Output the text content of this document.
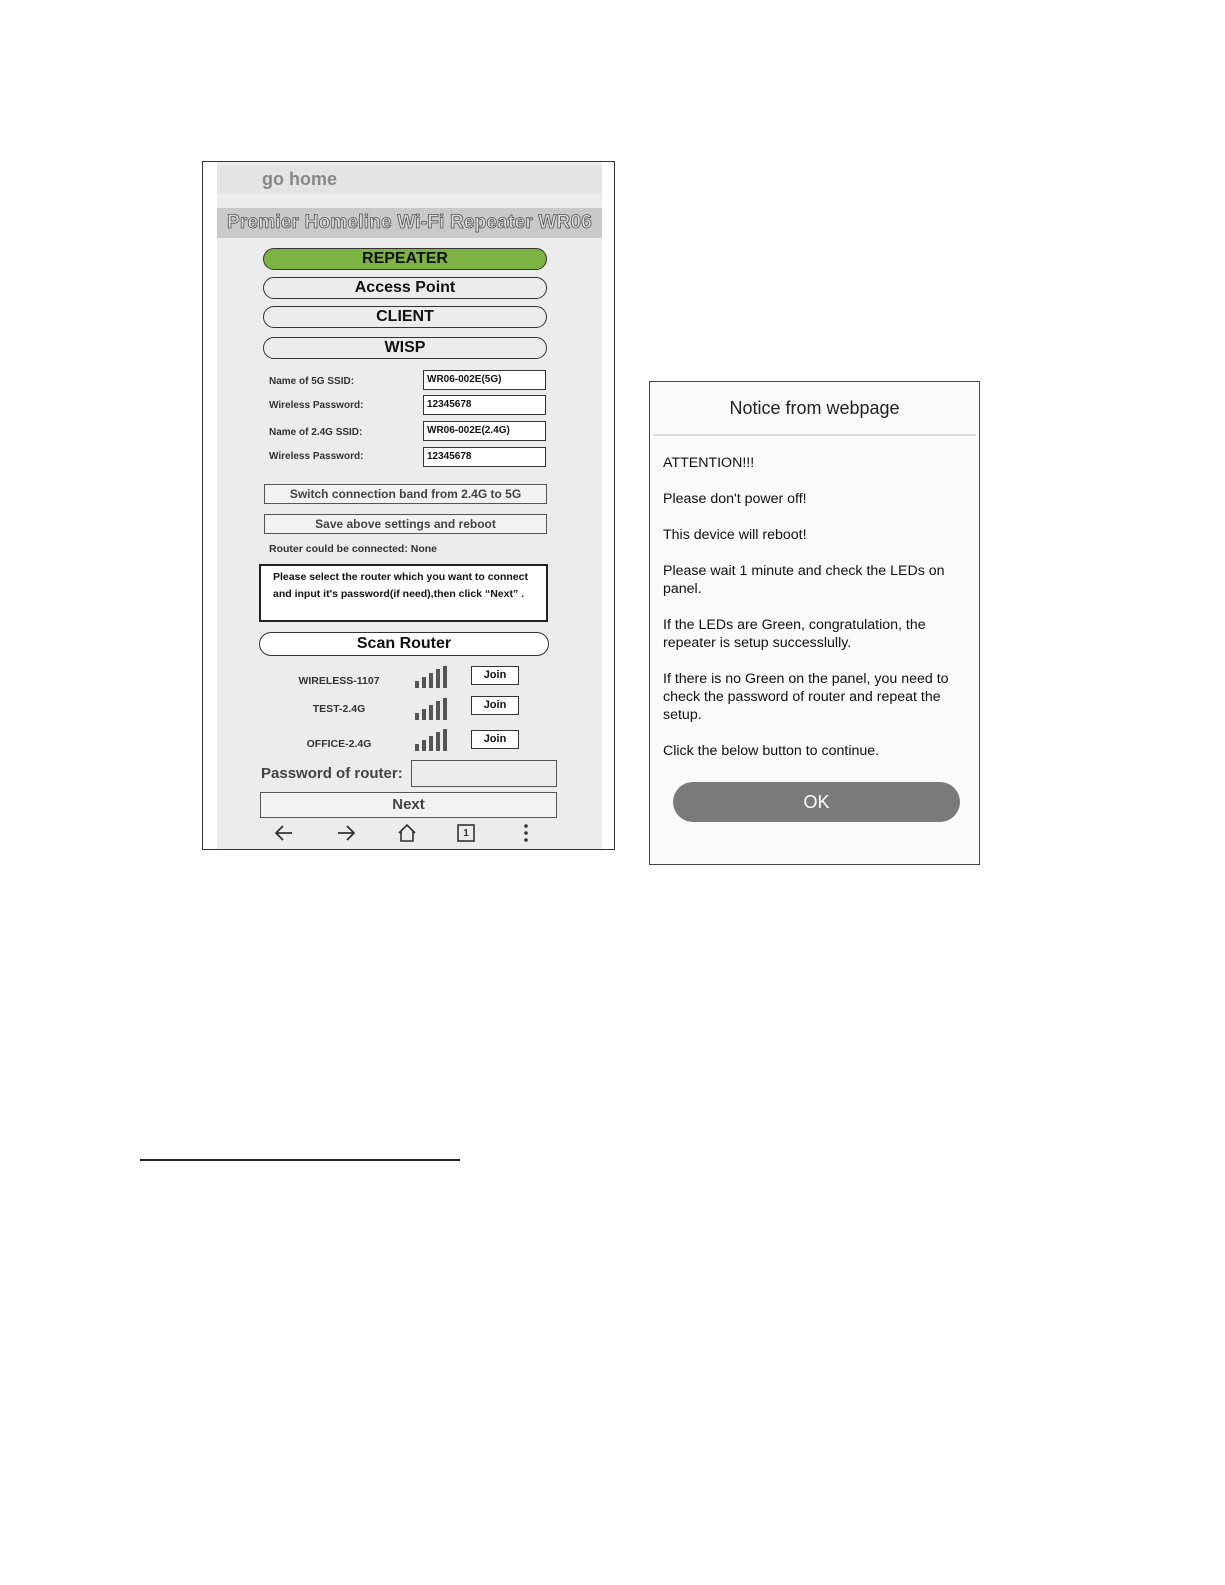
go home
Premier Homeline Wi-Fi Repeater WR06
REPEATER
Access Point
CLIENT
WISP
Name of 5G SSID:	WR06-002E(5G)
Wireless Password:	12345678
Name of 2.4G SSID:	WR06-002E(2.4G)
Wireless Password:	12345678
Switch connection band from 2.4G to 5G
Save above settings and reboot
Router could be connected: None
Please select the router which you want to connect and input it's password(if need),then click “Next” .
Scan Router
WIRELESS-1107	Join
TEST-2.4G	Join
OFFICE-2.4G	Join
Password of router:
Next
1
Notice from webpage

ATTENTION!!!

Please don't power off!

This device will reboot!

Please wait 1 minute and check the LEDs on panel.

If the LEDs are Green, congratulation, the repeater is setup successlully.

If there is no Green on the panel, you need to check the password of router and repeat the setup.

Click the below button to continue.

OK
